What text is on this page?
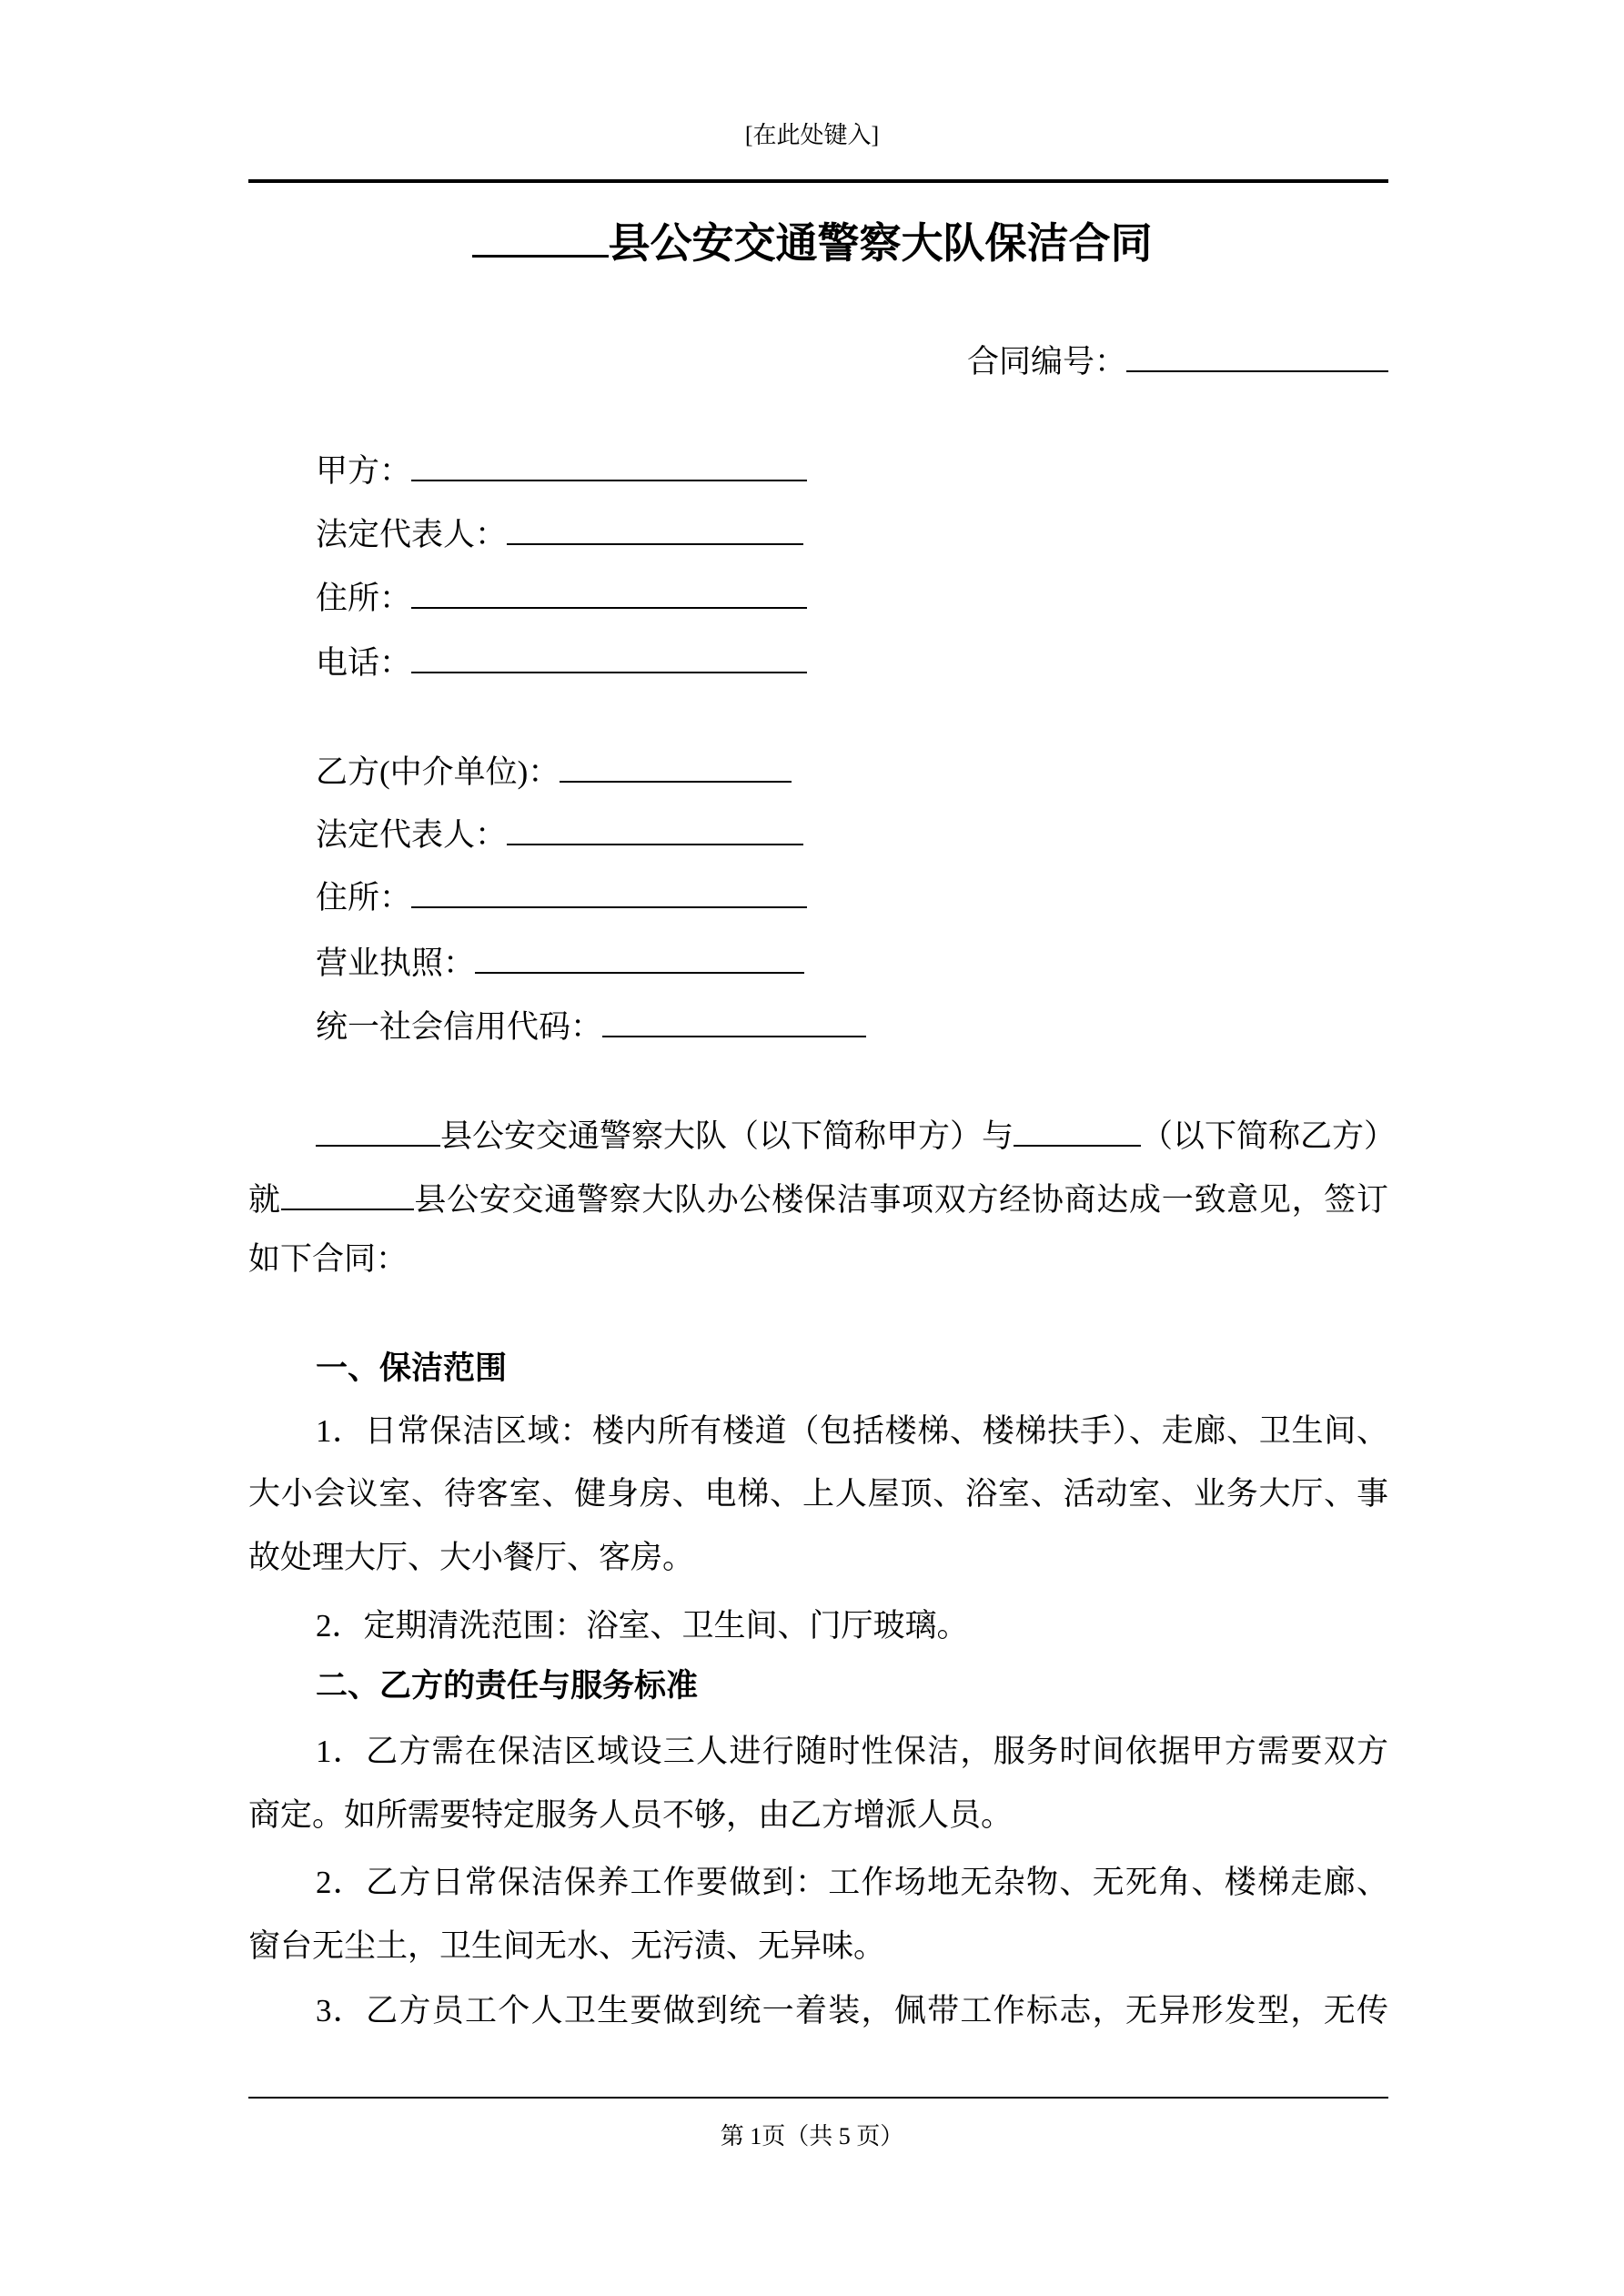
[在此处键入]
县公安交通警察大队保洁合同
合同编号：
甲方：
法定代表人：
住所：
电话：
乙方(中介单位)：
法定代表人：
住所：
营业执照：
统一社会信用代码：
县公安交通警察大队（以下简称甲方）与	（以下简称乙方）
就	县公安交通警察大队办公楼保洁事项双方经协商达成一致意见，签订
如下合同：
一、保洁范围
1．日常保洁区域：楼内所有楼道（包括楼梯、楼梯扶手）、走廊、卫生间、
大小会议室、待客室、健身房、电梯、上人屋顶、浴室、活动室、业务大厅、事
故处理大厅、大小餐厅、客房。
2．定期清洗范围：浴室、卫生间、门厅玻璃。
二、乙方的责任与服务标准
1．乙方需在保洁区域设三人进行随时性保洁，服务时间依据甲方需要双方
商定。如所需要特定服务人员不够，由乙方增派人员。
2．乙方日常保洁保养工作要做到：工作场地无杂物、无死角、楼梯走廊、
窗台无尘土，卫生间无水、无污渍、无异味。
3．乙方员工个人卫生要做到统一着装，佩带工作标志，无异形发型，无传
第 1页（共 5 页）
